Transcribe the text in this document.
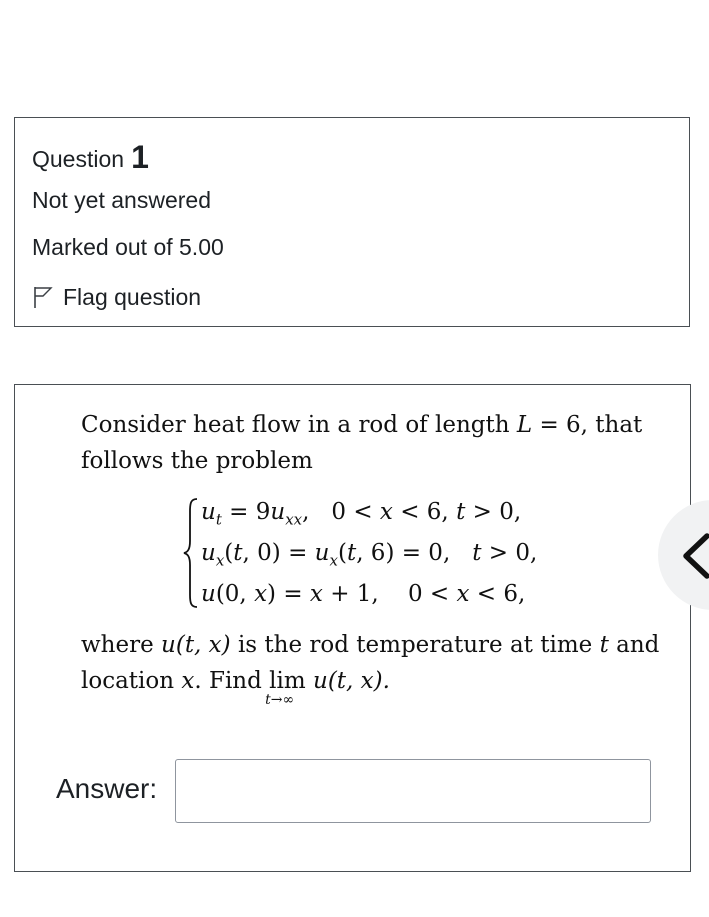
Question 1
Not yet answered
Marked out of 5.00
Flag question
Consider heat flow in a rod of length L = 6, that
follows the problem
$u_t = 9u_{xx}$,   0 < x < 6, t > 0,
$u_x(t$, $0) = u_x(t$, 6) = 0,   t > 0,
u(0, x) = x + 1,    0 < x < 6,
where u(t, x) is the rod temperature at time t and
location x. Find lim
t→∞
u(t, x).
Answer:
